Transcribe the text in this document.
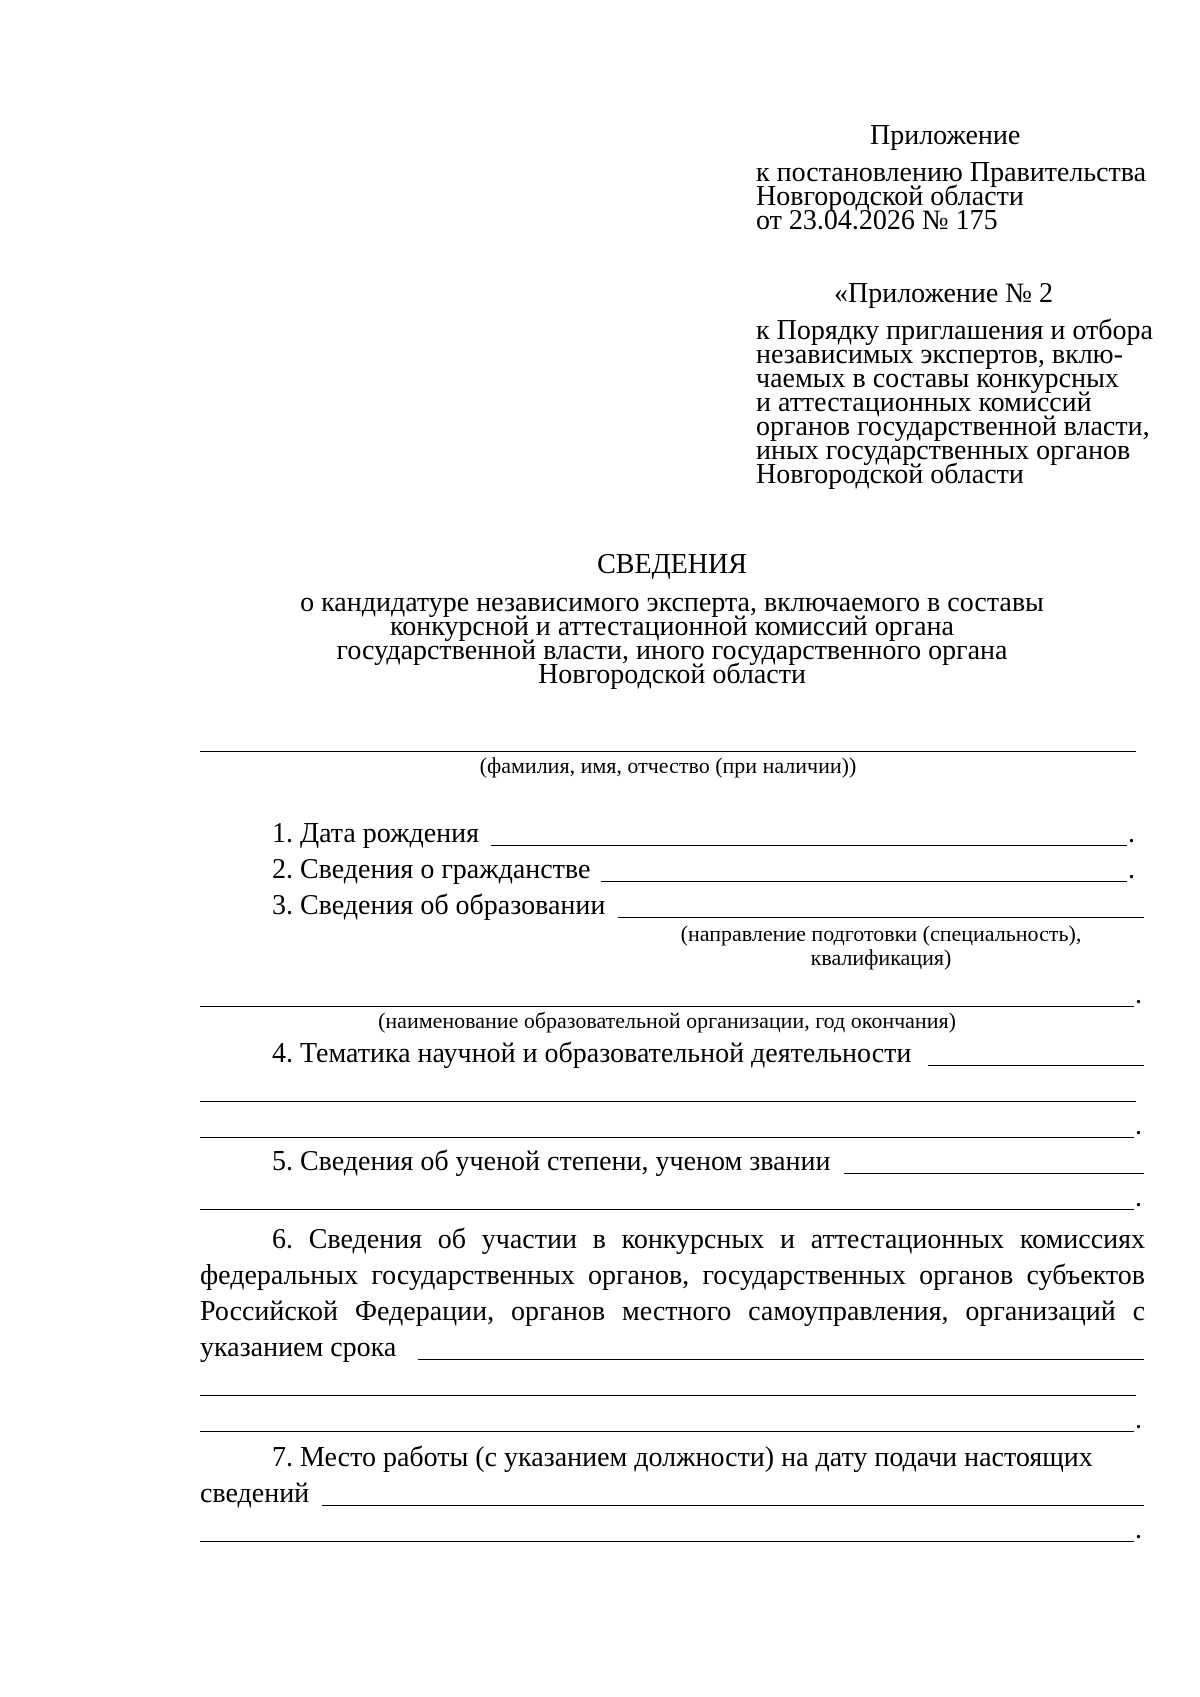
Приложение
к постановлению Правительства
Новгородской области
от 23.04.2026 № 175
«Приложение № 2
к Порядку приглашения и отбора
независимых экспертов, вклю-
чаемых в составы конкурсных
и аттестационных комиссий
органов государственной власти,
иных государственных органов
Новгородской области
СВЕДЕНИЯ
о кандидатуре независимого эксперта, включаемого в составы
конкурсной и аттестационной комиссий органа
государственной власти, иного государственного органа
Новгородской области
(фамилия, имя, отчество (при наличии))
1. Дата рождения	.
2. Сведения о гражданстве	.
3. Сведения об образовании
(направление подготовки (специальность),
квалификация)
.
(наименование образовательной организации, год окончания)
4. Тематика научной и образовательной деятельности
.
5. Сведения об ученой степени, ученом звании
.
6. Сведения об участии в конкурсных и аттестационных комиссиях
федеральных государственных органов, государственных органов субъектов
Российской Федерации, органов местного самоуправления, организаций с
указанием срока
.
7. Место работы (с указанием должности) на дату подачи настоящих
сведений
.
